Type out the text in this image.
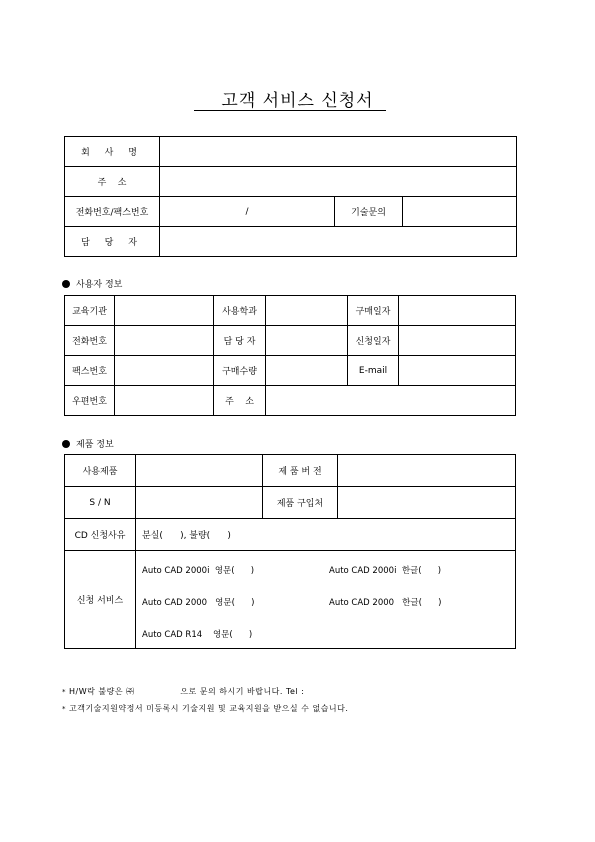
고객 서비스 신청서
회 사 명			
주    소			
전화번호/팩스번호	/	기술문의	
담 당 자			
사용자 정보
교육기관		사용학과		구매일자	
전화번호		담 당 자		신청일자	
팩스번호		구매수량		E-mail	
우편번호		주    소			
제품 정보
사용제품		제 품 버 전	
S / N		제품 구입처	
CD 신청사유	분실(      ), 불량(      )		
신청 서비스			
Auto CAD 2000i  영문(      )	Auto CAD 2000i  한글(      )
Auto CAD 2000   영문(      )	Auto CAD 2000   한글(      )
Auto CAD R14    영문(      )
* H/W락 불량은 ㈜               으로 문의 하시기 바랍니다. Tel :
* 고객기술지원약정서 미등록시 기술지원 및 교육지원을 받으실 수 없습니다.
